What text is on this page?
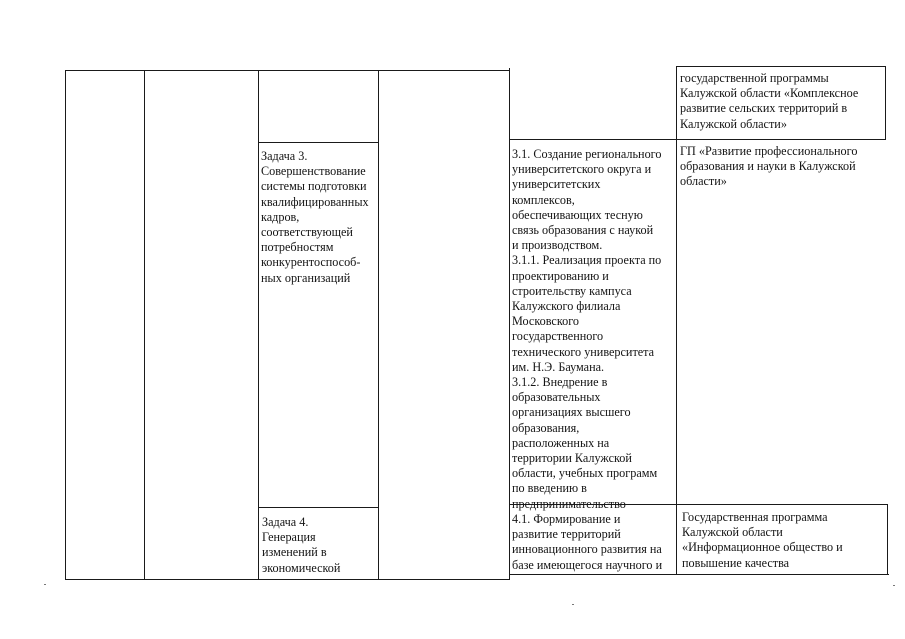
государственной программы
Калужской области «Комплексное
развитие сельских территорий в
Калужской области»
Задача 3.
Совершенствование
системы подготовки
квалифицированных
кадров,
соответствующей
потребностям
конкурентоспособ-
ных организаций
3.1. Создание регионального
университетского округа и
университетских
комплексов,
обеспечивающих тесную
связь образования с наукой
и производством.
3.1.1. Реализация проекта по
проектированию и
строительству кампуса
Калужского филиала
Московского
государственного
технического университета
им. Н.Э. Баумана.
3.1.2. Внедрение в
образовательных
организациях высшего
образования,
расположенных на
территории Калужской
области, учебных программ
по введению в
предпринимательство
ГП «Развитие профессионального
образования и науки в Калужской
области»
Задача 4.
Генерация
изменений в
экономической
4.1. Формирование и
развитие территорий
инновационного развития на
базе имеющегося научного и
Государственная программа
Калужской области
«Информационное общество и
повышение качества
